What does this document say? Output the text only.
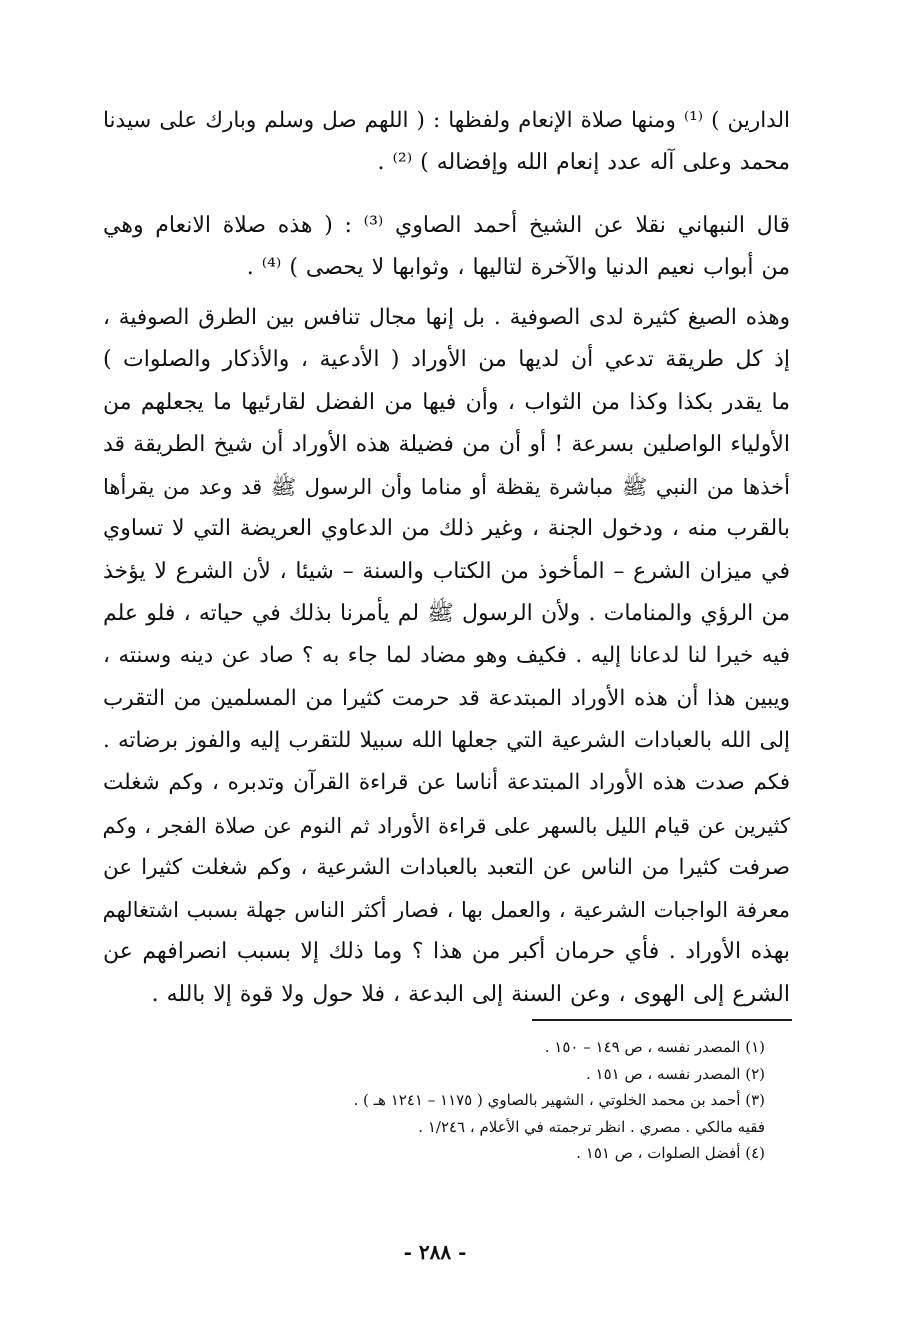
الدارين ) ⁽¹⁾ ومنها صلاة الإنعام ولفظها : ( اللهم صل وسلم وبارك على سيدنا
محمد وعلى آله عدد إنعام الله وإفضاله ) ⁽²⁾ .
قال النبهاني نقلا عن الشيخ أحمد الصاوي ⁽³⁾ : ( هذه صلاة الانعام وهي
من أبواب نعيم الدنيا والآخرة لتاليها ، وثوابها لا يحصى ) ⁽⁴⁾ .
وهذه الصيغ كثيرة لدى الصوفية . بل إنها مجال تنافس بين الطرق الصوفية ،
إذ كل طريقة تدعي أن لديها من الأوراد ( الأدعية ، والأذكار والصلوات )
ما يقدر بكذا وكذا من الثواب ، وأن فيها من الفضل لقارئيها ما يجعلهم من
الأولياء الواصلين بسرعة ! أو أن من فضيلة هذه الأوراد أن شيخ الطريقة قد
أخذها من النبي ﷺ مباشرة يقظة أو مناما وأن الرسول ﷺ قد وعد من يقرأها
بالقرب منه ، ودخول الجنة ، وغير ذلك من الدعاوي العريضة التي لا تساوي
في ميزان الشرع – المأخوذ من الكتاب والسنة – شيئا ، لأن الشرع لا يؤخذ
من الرؤي والمنامات . ولأن الرسول ﷺ لم يأمرنا بذلك في حياته ، فلو علم
فيه خيرا لنا لدعانا إليه . فكيف وهو مضاد لما جاء به ؟ صاد عن دينه وسنته ،
ويبين هذا أن هذه الأوراد المبتدعة قد حرمت كثيرا من المسلمين من التقرب
إلى الله بالعبادات الشرعية التي جعلها الله سبيلا للتقرب إليه والفوز برضاته .
فكم صدت هذه الأوراد المبتدعة أناسا عن قراءة القرآن وتدبره ، وكم شغلت
كثيرين عن قيام الليل بالسهر على قراءة الأوراد ثم النوم عن صلاة الفجر ، وكم
صرفت كثيرا من الناس عن التعبد بالعبادات الشرعية ، وكم شغلت كثيرا عن
معرفة الواجبات الشرعية ، والعمل بها ، فصار أكثر الناس جهلة بسبب اشتغالهم
بهذه الأوراد . فأي حرمان أكبر من هذا ؟ وما ذلك إلا بسبب انصرافهم عن
الشرع إلى الهوى ، وعن السنة إلى البدعة ، فلا حول ولا قوة إلا بالله .
(١) المصدر نفسه ، ص ١٤٩ – ١٥٠ .
(٢) المصدر نفسه ، ص ١٥١ .
(٣) أحمد بن محمد الخلوتي ، الشهير بالصاوي ( ١١٧٥ – ١٢٤١ هـ ) .
فقيه مالكي . مصري . انظر ترجمته في الأعلام ، ١/٢٤٦ .
(٤) أفضل الصلوات ، ص ١٥١ .
- ٢٨٨ -
